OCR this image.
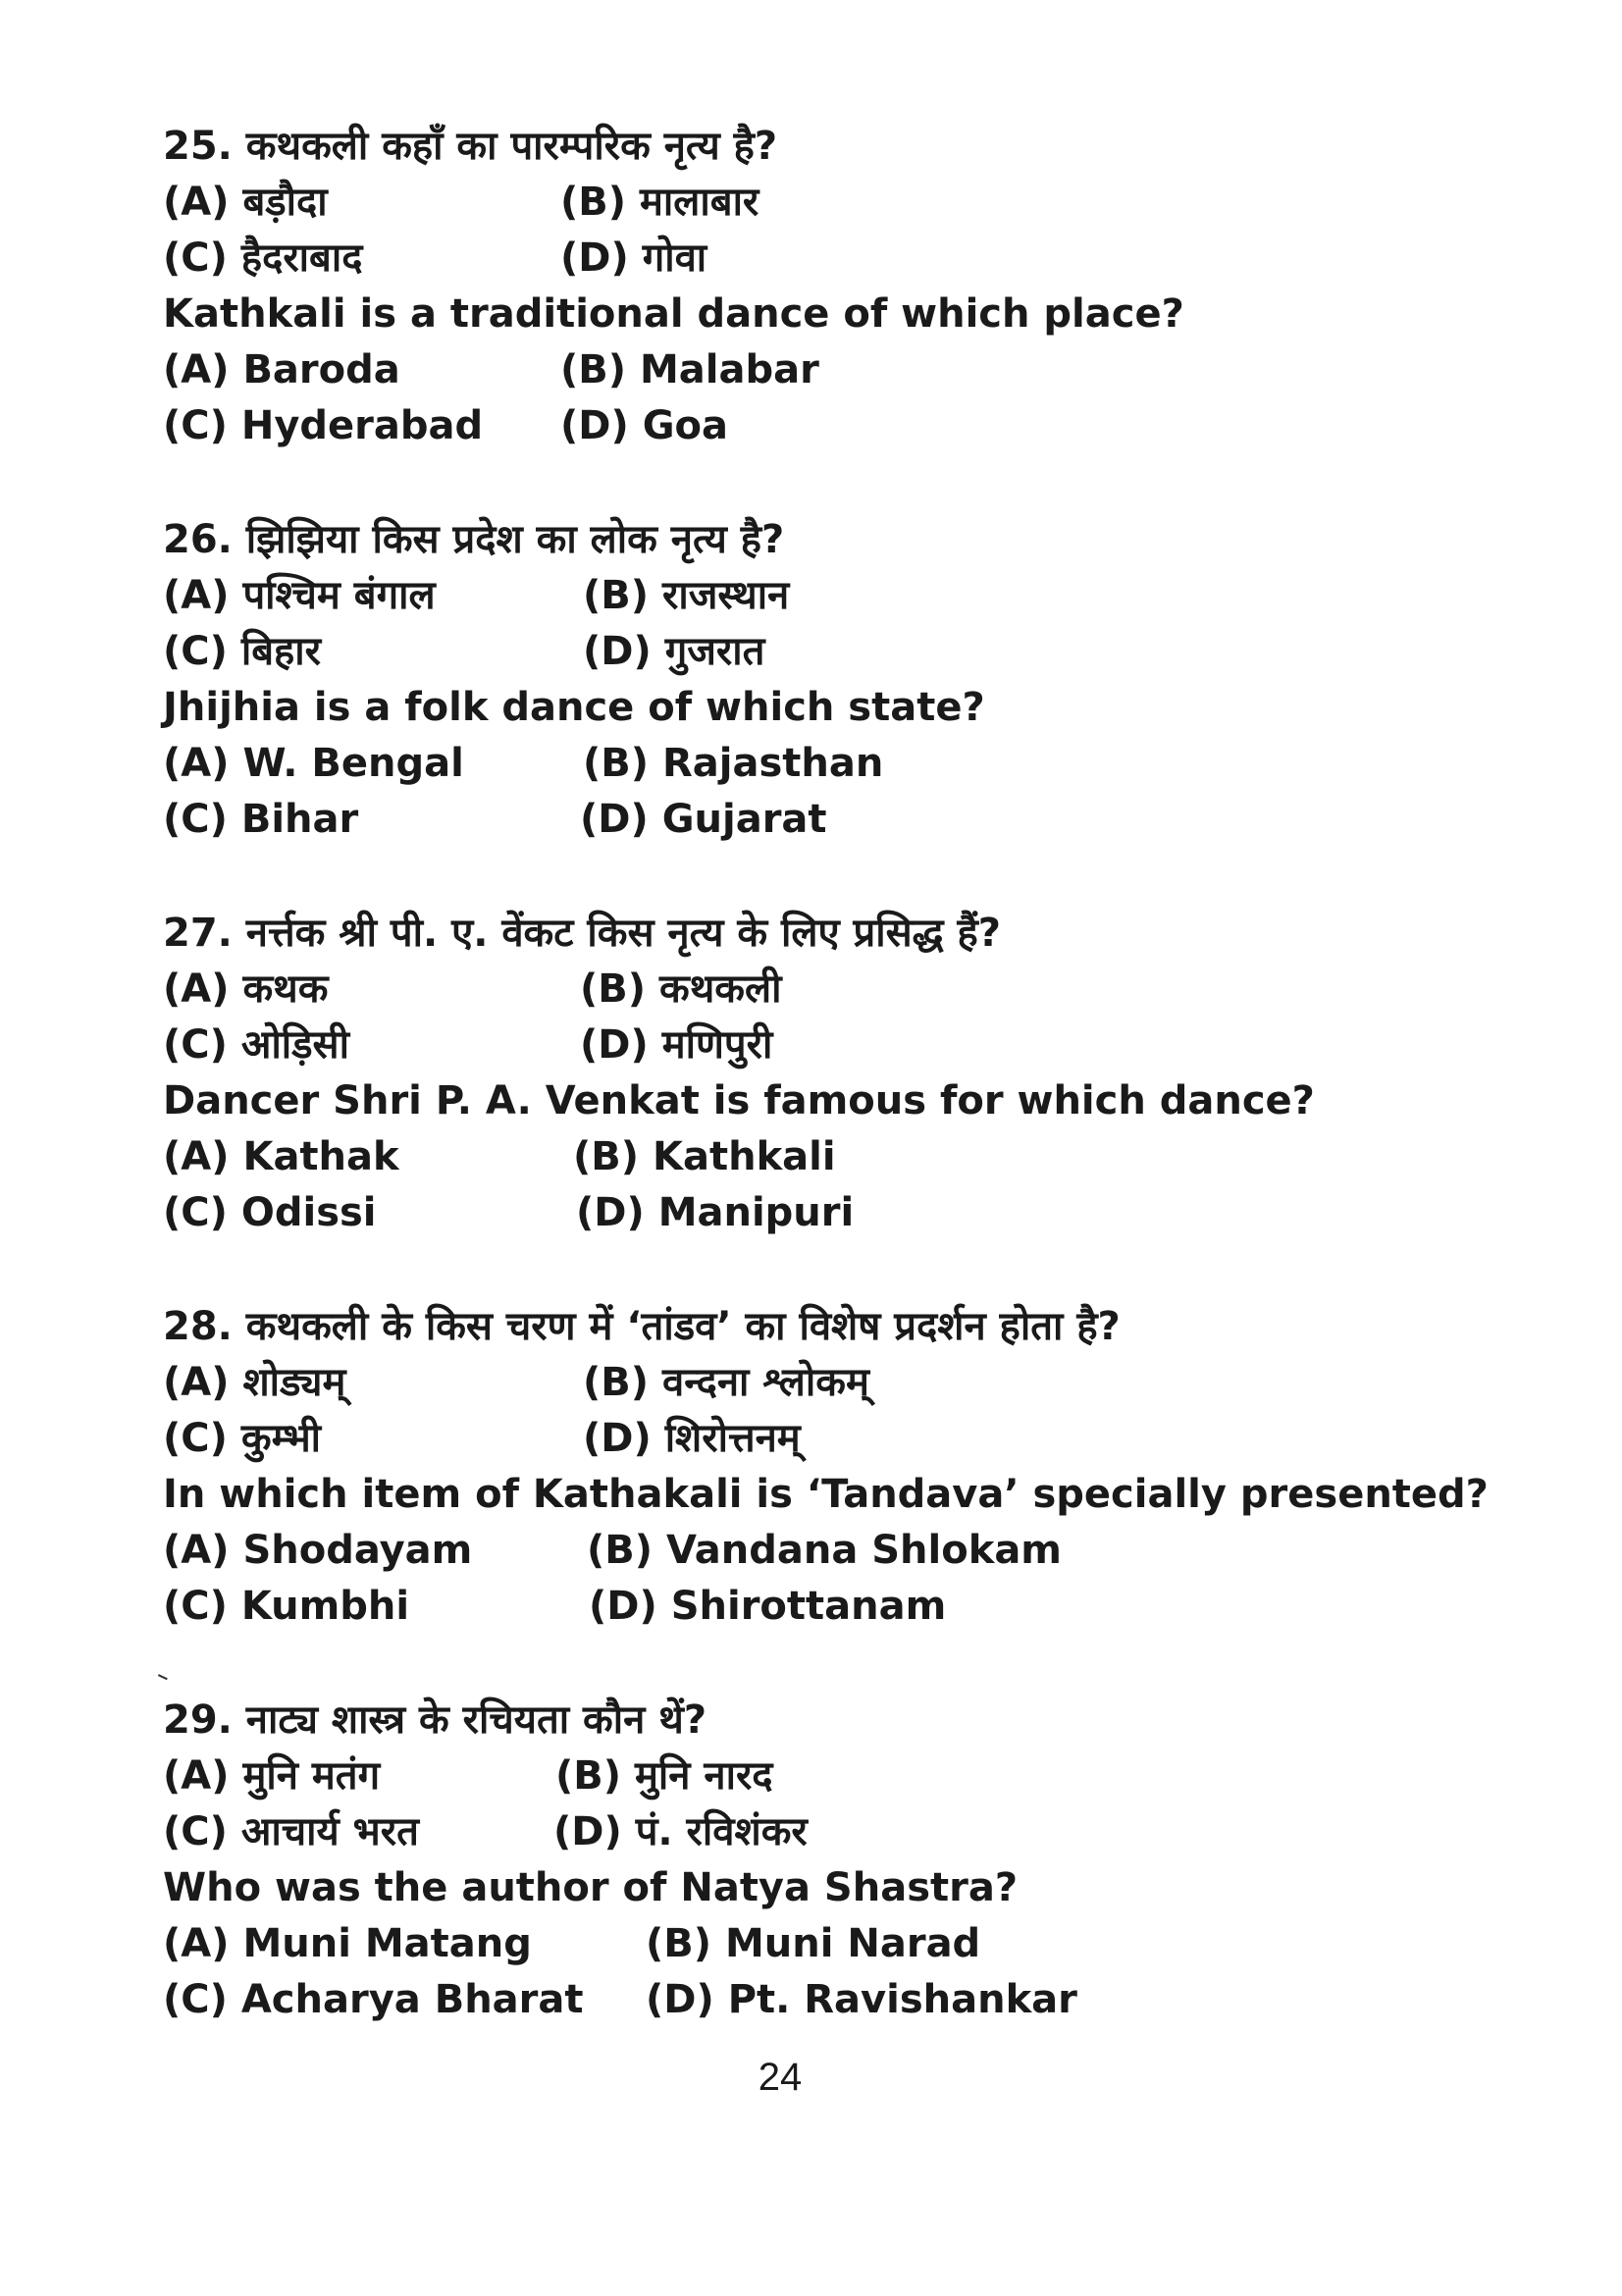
25. कथकली कहाँ का पारम्परिक नृत्य है?
(A) बड़ौदा	(B) मालाबार
(C) हैदराबाद	(D) गोवा
Kathkali is a traditional dance of which place?
(A) Baroda	(B) Malabar
(C) Hyderabad (D) Goa
26. झिझिया किस प्रदेश का लोक नृत्य है?
(A) पश्चिम बंगाल	(B) राजस्थान
(C) बिहार	(D) गुजरात
Jhijhia is a folk dance of which state?
(A) W. Bengal	(B) Rajasthan
(C) Bihar	(D) Gujarat
27. नर्त्तक श्री पी. ए. वेंकट किस नृत्य के लिए प्रसिद्ध हैं?
(A) कथक	(B) कथकली
(C) ओड़िसी	(D) मणिपुरी
Dancer Shri P. A. Venkat is famous for which dance?
(A) Kathak	(B) Kathkali
(C) Odissi	(D) Manipuri
28. कथकली के किस चरण में ‘तांडव’ का विशेष प्रदर्शन होता है?
(A) शोड्यम्	(B) वन्दना श्लोकम्
(C) कुम्भी	(D) शिरोत्तनम्
In which item of Kathakali is ‘Tandava’ specially presented?
(A) Shodayam	(B) Vandana Shlokam
(C) Kumbhi	(D) Shirottanam
29. नाट्य शास्त्र के रचियता कौन थें?
(A) मुनि मतंग	(B) मुनि नारद
(C) आचार्य भरत	(D) पं. रविशंकर
Who was the author of Natya Shastra?
(A) Muni Matang	(B) Muni Narad
(C) Acharya Bharat (D) Pt. Ravishankar
24
